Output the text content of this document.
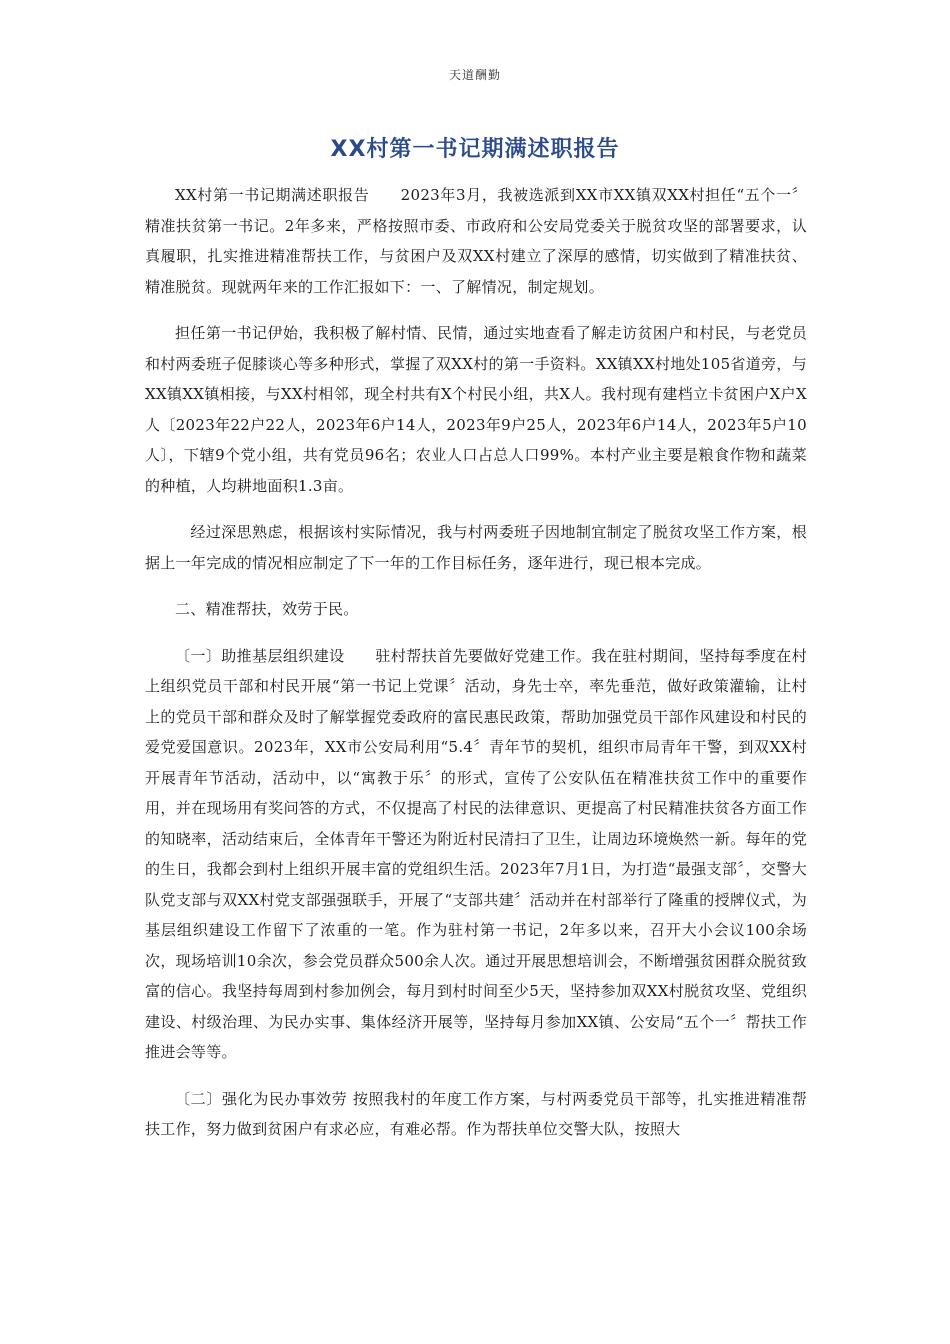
天道酬勤
XX村第一书记期满述职报告

XX村第一书记期满述职报告　　2023年3月，我被选派到XX市XX镇双XX村担任“五个一〞精准扶贫第一书记。2年多来，严格按照市委、市政府和公安局党委关于脱贫攻坚的部署要求，认真履职，扎实推进精准帮扶工作，与贫困户及双XX村建立了深厚的感情，切实做到了精准扶贫、精准脱贫。现就两年来的工作汇报如下：一、了解情况，制定规划。

担任第一书记伊始，我积极了解村情、民情，通过实地查看了解走访贫困户和村民，与老党员和村两委班子促膝谈心等多种形式，掌握了双XX村的第一手资料。XX镇XX村地处105省道旁，与XX镇XX镇相接，与XX村相邻，现全村共有X个村民小组，共X人。我村现有建档立卡贫困户X户X人〔2023年22户22人，2023年6户14人，2023年9户25人，2023年6户14人，2023年5户10人〕，下辖9个党小组，共有党员96名；农业人口占总人口99%。本村产业主要是粮食作物和蔬菜的种植，人均耕地面积1.3亩。

　经过深思熟虑，根据该村实际情况，我与村两委班子因地制宜制定了脱贫攻坚工作方案，根据上一年完成的情况相应制定了下一年的工作目标任务，逐年进行，现已根本完成。

二、精准帮扶，效劳于民。

〔一〕助推基层组织建设　　驻村帮扶首先要做好党建工作。我在驻村期间，坚持每季度在村上组织党员干部和村民开展“第一书记上党课〞活动，身先士卒，率先垂范，做好政策灌输，让村上的党员干部和群众及时了解掌握党委政府的富民惠民政策，帮助加强党员干部作风建设和村民的爱党爱国意识。2023年，XX市公安局利用“5.4〞青年节的契机，组织市局青年干警，到双XX村开展青年节活动，活动中，以“寓教于乐〞的形式，宣传了公安队伍在精准扶贫工作中的重要作用，并在现场用有奖问答的方式，不仅提高了村民的法律意识、更提高了村民精准扶贫各方面工作的知晓率，活动结束后，全体青年干警还为附近村民清扫了卫生，让周边环境焕然一新。每年的党的生日，我都会到村上组织开展丰富的党组织生活。2023年7月1日，为打造“最强支部〞，交警大队党支部与双XX村党支部强强联手，开展了“支部共建〞活动并在村部举行了隆重的授牌仪式，为基层组织建设工作留下了浓重的一笔。作为驻村第一书记，2年多以来，召开大小会议100余场次，现场培训10余次，参会党员群众500余人次。通过开展思想培训会，不断增强贫困群众脱贫致富的信心。我坚持每周到村参加例会，每月到村时间至少5天，坚持参加双XX村脱贫攻坚、党组织建设、村级治理、为民办实事、集体经济开展等，坚持每月参加XX镇、公安局“五个一〞帮扶工作推进会等等。

〔二〕强化为民办事效劳 按照我村的年度工作方案，与村两委党员干部等，扎实推进精准帮扶工作，努力做到贫困户有求必应，有难必帮。作为帮扶单位交警大队，按照大
